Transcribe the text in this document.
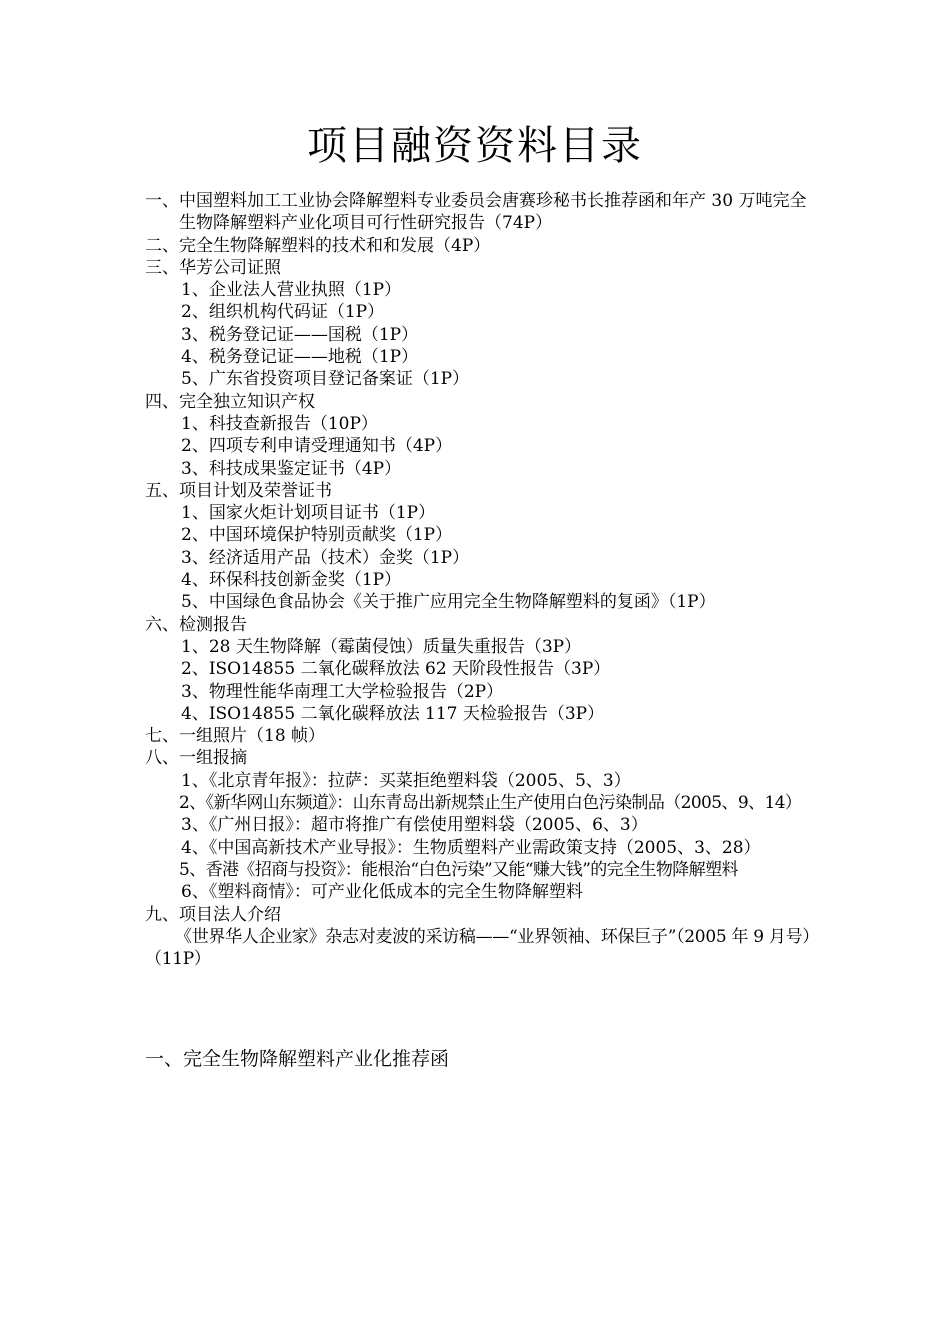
项目融资资料目录
一、中国塑料加工工业协会降解塑料专业委员会唐赛珍秘书长推荐函和年产 30 万吨完全生物降解塑料产业化项目可行性研究报告（74P）
二、完全生物降解塑料的技术和和发展（4P）
三、华芳公司证照
1、企业法人营业执照（1P）
2、组织机构代码证（1P）
3、税务登记证——国税（1P）
4、税务登记证——地税（1P）
5、广东省投资项目登记备案证（1P）
四、完全独立知识产权
1、科技查新报告（10P）
2、四项专利申请受理通知书（4P）
3、科技成果鉴定证书（4P）
五、项目计划及荣誉证书
1、国家火炬计划项目证书（1P）
2、中国环境保护特别贡献奖（1P）
3、经济适用产品（技术）金奖（1P）
4、环保科技创新金奖（1P）
5、中国绿色食品协会《关于推广应用完全生物降解塑料的复函》（1P）
六、检测报告
1、28 天生物降解（霉菌侵蚀）质量失重报告（3P）
2、ISO14855 二氧化碳释放法 62 天阶段性报告（3P）
3、物理性能华南理工大学检验报告（2P）
4、ISO14855 二氧化碳释放法 117 天检验报告（3P）
七、一组照片（18 帧）
八、一组报摘
1、《北京青年报》：拉萨：买菜拒绝塑料袋（2005、5、3）
2、《新华网山东频道》：山东青岛出新规禁止生产使用白色污染制品（2005、9、14）
3、《广州日报》：超市将推广有偿使用塑料袋（2005、6、3）
4、《中国高新技术产业导报》：生物质塑料产业需政策支持（2005、3、28）
5、香港《招商与投资》：能根治“白色污染”又能“赚大钱”的完全生物降解塑料
6、《塑料商情》：可产业化低成本的完全生物降解塑料
九、项目法人介绍
《世界华人企业家》杂志对麦波的采访稿——“业界领袖、环保巨子”（2005 年 9 月号）（11P）
一、完全生物降解塑料产业化推荐函
